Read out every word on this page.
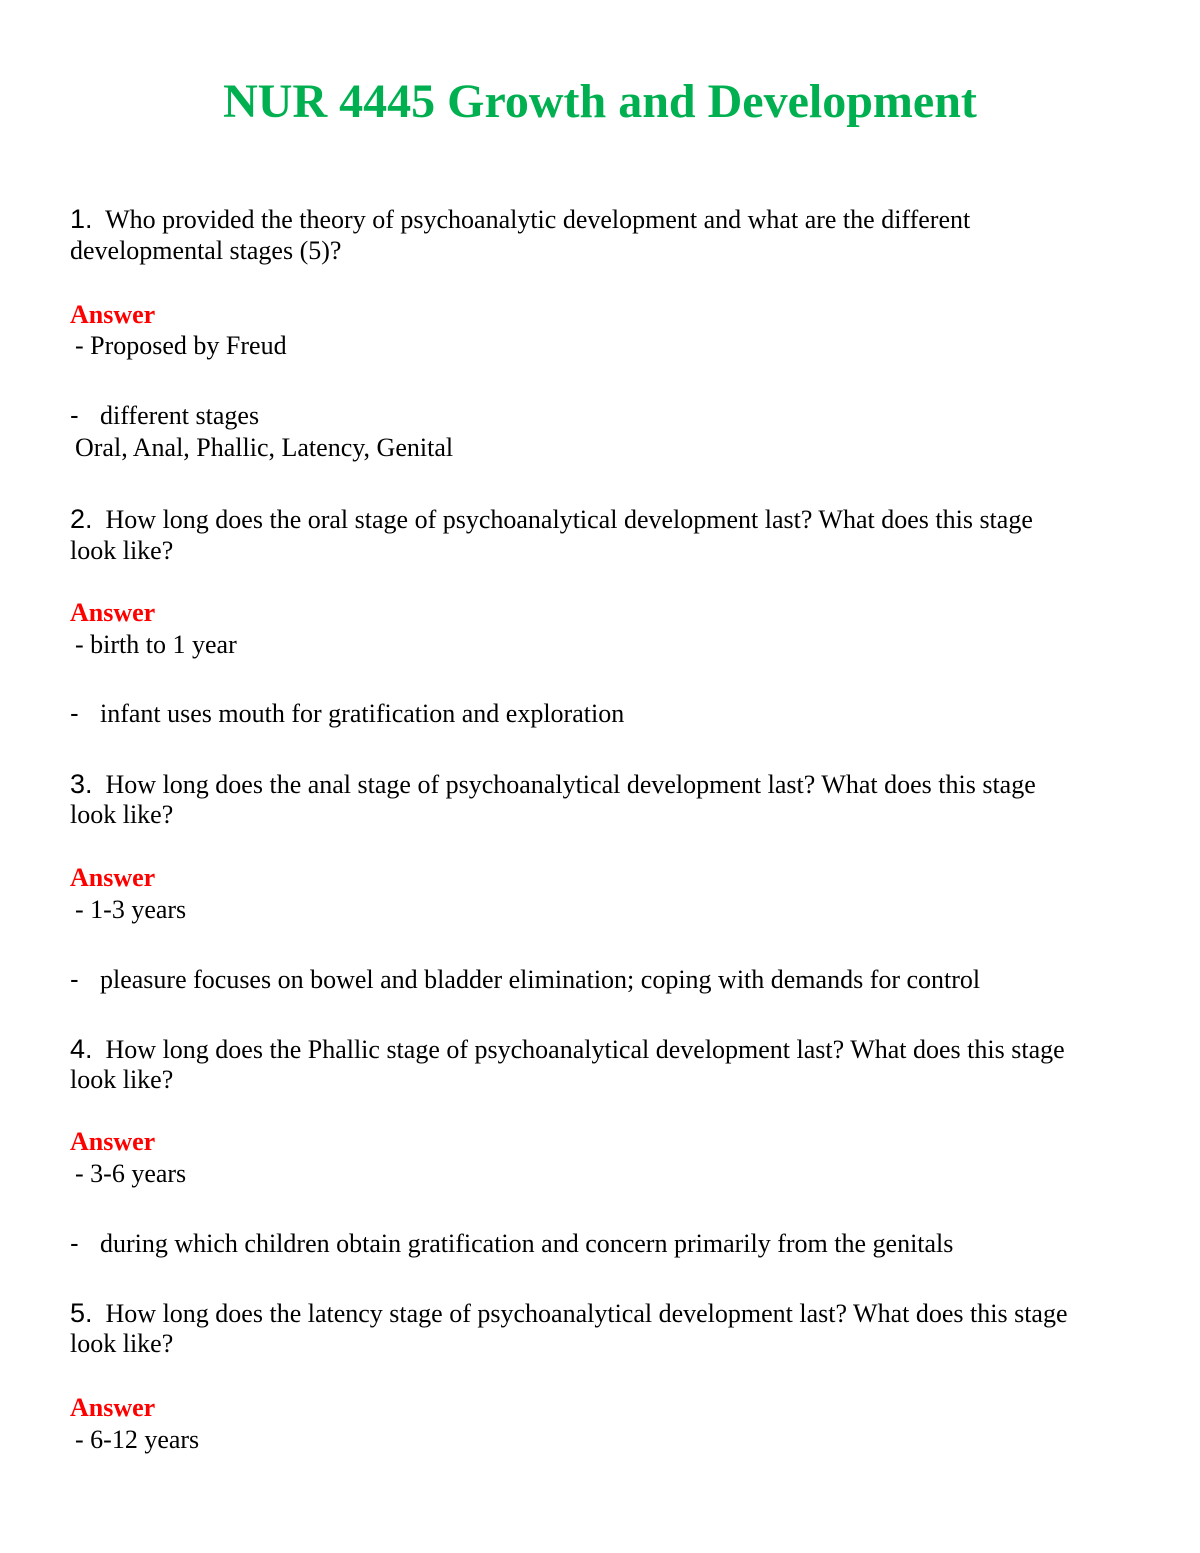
NUR 4445 Growth and Development
1. Who provided the theory of psychoanalytic development and what are the different
developmental stages (5)?
Answer
- Proposed by Freud
- different stages
Oral, Anal, Phallic, Latency, Genital
2. How long does the oral stage of psychoanalytical development last? What does this stage
look like?
Answer
- birth to 1 year
- infant uses mouth for gratification and exploration
3. How long does the anal stage of psychoanalytical development last? What does this stage
look like?
Answer
- 1-3 years
- pleasure focuses on bowel and bladder elimination; coping with demands for control
4. How long does the Phallic stage of psychoanalytical development last? What does this stage
look like?
Answer
- 3-6 years
- during which children obtain gratification and concern primarily from the genitals
5. How long does the latency stage of psychoanalytical development last? What does this stage
look like?
Answer
- 6-12 years
